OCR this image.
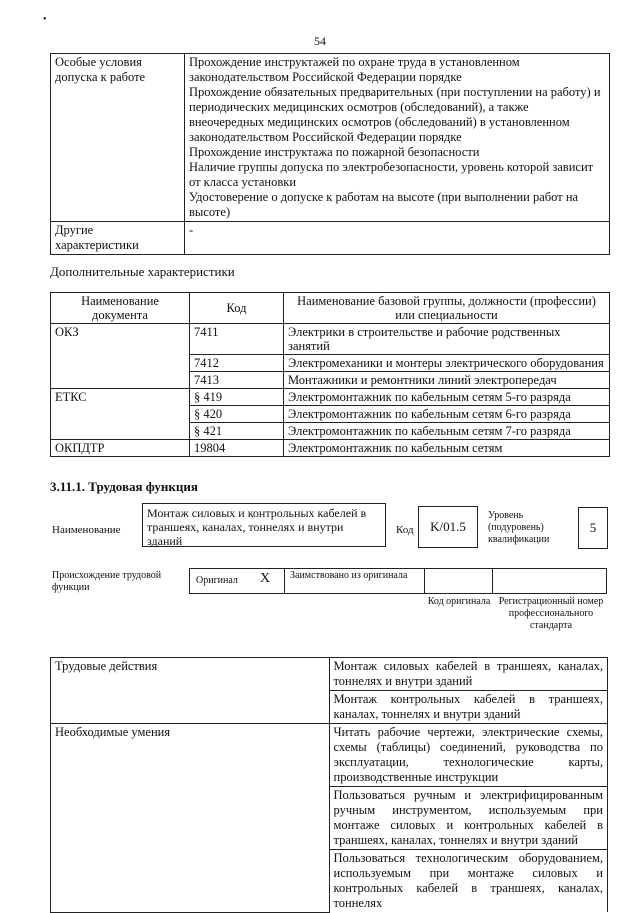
•
54
Особые условия допуска к работе	Прохождение инструктажей по охране труда в установленном законодательством Российской Федерации порядке
Прохождение обязательных предварительных (при поступлении на работу) и периодических медицинских осмотров (обследований), а также внеочередных медицинских осмотров (обследований) в установленном законодательством Российской Федерации порядке
Прохождение инструктажа по пожарной безопасности
Наличие группы допуска по электробезопасности, уровень которой зависит от класса установки
Удостоверение о допуске к работам на высоте (при выполнении работ на высоте)

Другие характеристики	-
Дополнительные характеристики
Наименование документа	Код	Наименование базовой группы, должности (профессии) или специальности
ОКЗ	7411	Электрики в строительстве и рабочие родственных занятий
	7412	Электромеханики и монтеры электрического оборудования
	7413	Монтажники и ремонтники линий электропередач
ЕТКС	§ 419	Электромонтажник по кабельным сетям 5-го разряда
	§ 420	Электромонтажник по кабельным сетям 6-го разряда
	§ 421	Электромонтажник по кабельным сетям 7-го разряда
ОКПДТР	19804	Электромонтажник по кабельным сетям
3.11.1. Трудовая функция
Наименование
Монтаж силовых и контрольных кабелей в траншеях, каналах, тоннелях и внутри зданий
Код	K/01.5
Уровень (подуровень) квалификации
5
Происхождение трудовой функции
Оригинал X Заимствовано из оригинала
Код оригинала Регистрационный номер профессионального стандарта
Трудовые действия	Монтаж силовых кабелей в траншеях, каналах, тоннелях и внутри зданий
	Монтаж контрольных кабелей в траншеях, каналах, тоннелях и внутри зданий
Необходимые умения	Читать рабочие чертежи, электрические схемы, схемы (таблицы) соединений, руководства по эксплуатации, технологические карты, производственные инструкции
	Пользоваться ручным и электрифицированным ручным инструментом, используемым при монтаже силовых и контрольных кабелей в траншеях, каналах, тоннелях и внутри зданий
	Пользоваться технологическим оборудованием, используемым при монтаже силовых и контрольных кабелей в траншеях, каналах, тоннелях
